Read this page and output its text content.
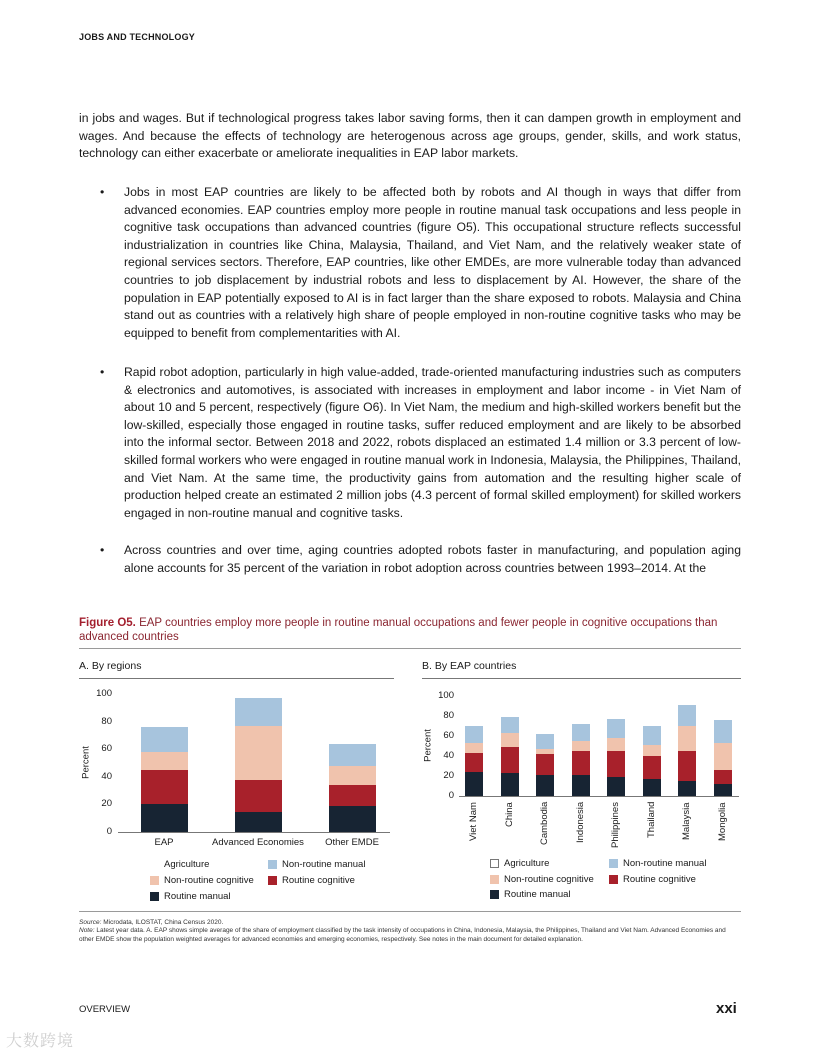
JOBS AND TECHNOLOGY
in jobs and wages. But if technological progress takes labor saving forms, then it can dampen growth in employment and wages. And because the effects of technology are heterogenous across age groups, gender, skills, and work status, technology can either exacerbate or ameliorate inequalities in EAP labor markets.
• Jobs in most EAP countries are likely to be affected both by robots and AI though in ways that differ from advanced economies. EAP countries employ more people in routine manual task occupations and less people in cognitive task occupations than advanced countries (figure O5). This occupational structure reflects successful industrialization in countries like China, Malaysia, Thailand, and Viet Nam, and the relatively weaker state of regional services sectors. Therefore, EAP countries, like other EMDEs, are more vulnerable today than advanced countries to job displacement by industrial robots and less to displacement by AI. However, the share of the population in EAP potentially exposed to AI is in fact larger than the share exposed to robots. Malaysia and China stand out as countries with a relatively high share of people employed in non-routine cognitive tasks who may be equipped to benefit from complementarities with AI.
• Rapid robot adoption, particularly in high value-added, trade-oriented manufacturing industries such as computers & electronics and automotives, is associated with increases in employment and labor income - in Viet Nam of about 10 and 5 percent, respectively (figure O6). In Viet Nam, the medium and high-skilled workers benefit but the low-skilled, especially those engaged in routine tasks, suffer reduced employment and are likely to be absorbed into the informal sector. Between 2018 and 2022, robots displaced an estimated 1.4 million or 3.3 percent of low-skilled formal workers who were engaged in routine manual work in Indonesia, Malaysia, the Philippines, Thailand, and Viet Nam. At the same time, the productivity gains from automation and the resulting higher scale of production helped create an estimated 2 million jobs (4.3 percent of formal skilled employment) for skilled workers engaged in non-routine manual and cognitive tasks.
• Across countries and over time, aging countries adopted robots faster in manufacturing, and population aging alone accounts for 35 percent of the variation in robot adoption across countries between 1993–2014. At the
Figure O5. EAP countries employ more people in routine manual occupations and fewer people in cognitive occupations than advanced countries
A. By regions	B. By EAP countries
0
20
40
60
80
100
Percent
EAP	Advanced Economies	Other EMDE
0
20
40
60
80
100
Percent
Viet Nam	China	Cambodia	Indonesia	Philippines	Thailand	Malaysia	Mongolia
Agriculture	Non-routine manual
Non-routine cognitive	Routine cognitive
Routine manual
Agriculture	Non-routine manual
Non-routine cognitive	Routine cognitive
Routine manual
Source: Microdata, ILOSTAT, China Census 2020.
Note: Latest year data. A. EAP shows simple average of the share of employment classified by the task intensity of occupations in China, Indonesia, Malaysia, the Philippines, Thailand and Viet Nam. Advanced Economies and other EMDE show the population weighted averages for advanced economies and emerging economies, respectively. See notes in the main document for detailed explanation.
OVERVIEW	xxi
大数跨境
